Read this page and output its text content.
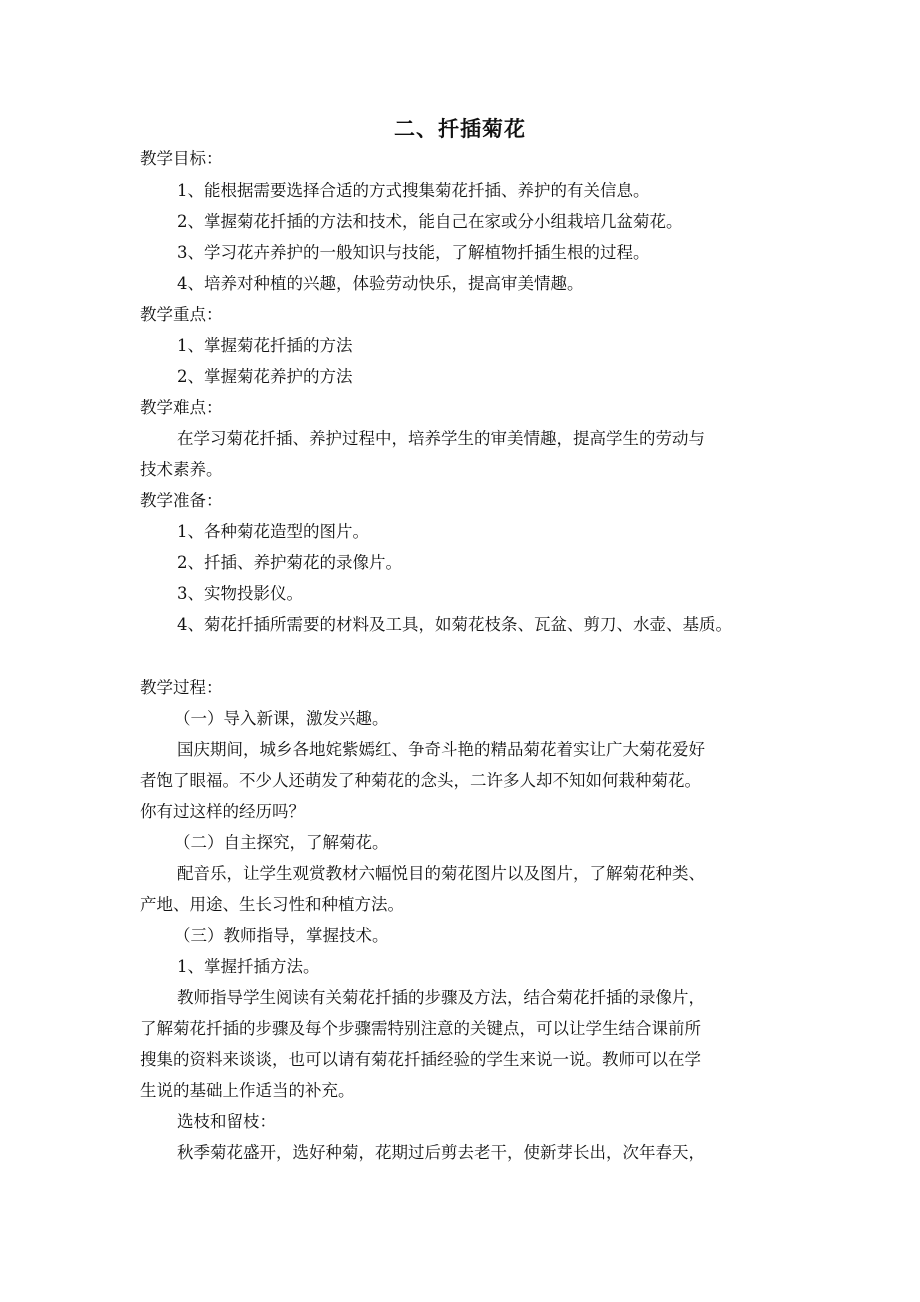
二、扦插菊花
教学目标：
1、能根据需要选择合适的方式搜集菊花扦插、养护的有关信息。
2、掌握菊花扦插的方法和技术，能自己在家或分小组栽培几盆菊花。
3、学习花卉养护的一般知识与技能，了解植物扦插生根的过程。
4、培养对种植的兴趣，体验劳动快乐，提高审美情趣。
教学重点：
1、掌握菊花扦插的方法
2、掌握菊花养护的方法
教学难点：
在学习菊花扦插、养护过程中，培养学生的审美情趣，提高学生的劳动与
技术素养。
教学准备：
1、各种菊花造型的图片。
2、扦插、养护菊花的录像片。
3、实物投影仪。
4、菊花扦插所需要的材料及工具，如菊花枝条、瓦盆、剪刀、水壶、基质。
教学过程：
（一）导入新课，激发兴趣。
国庆期间，城乡各地姹紫嫣红、争奇斗艳的精品菊花着实让广大菊花爱好
者饱了眼福。不少人还萌发了种菊花的念头，二许多人却不知如何栽种菊花。
你有过这样的经历吗？
（二）自主探究，了解菊花。
配音乐，让学生观赏教材六幅悦目的菊花图片以及图片，了解菊花种类、
产地、用途、生长习性和种植方法。
（三）教师指导，掌握技术。
1、掌握扦插方法。
教师指导学生阅读有关菊花扦插的步骤及方法，结合菊花扦插的录像片，
了解菊花扦插的步骤及每个步骤需特别注意的关键点，可以让学生结合课前所
搜集的资料来谈谈，也可以请有菊花扦插经验的学生来说一说。教师可以在学
生说的基础上作适当的补充。
选枝和留枝：
秋季菊花盛开，选好种菊，花期过后剪去老干，使新芽长出，次年春天，
